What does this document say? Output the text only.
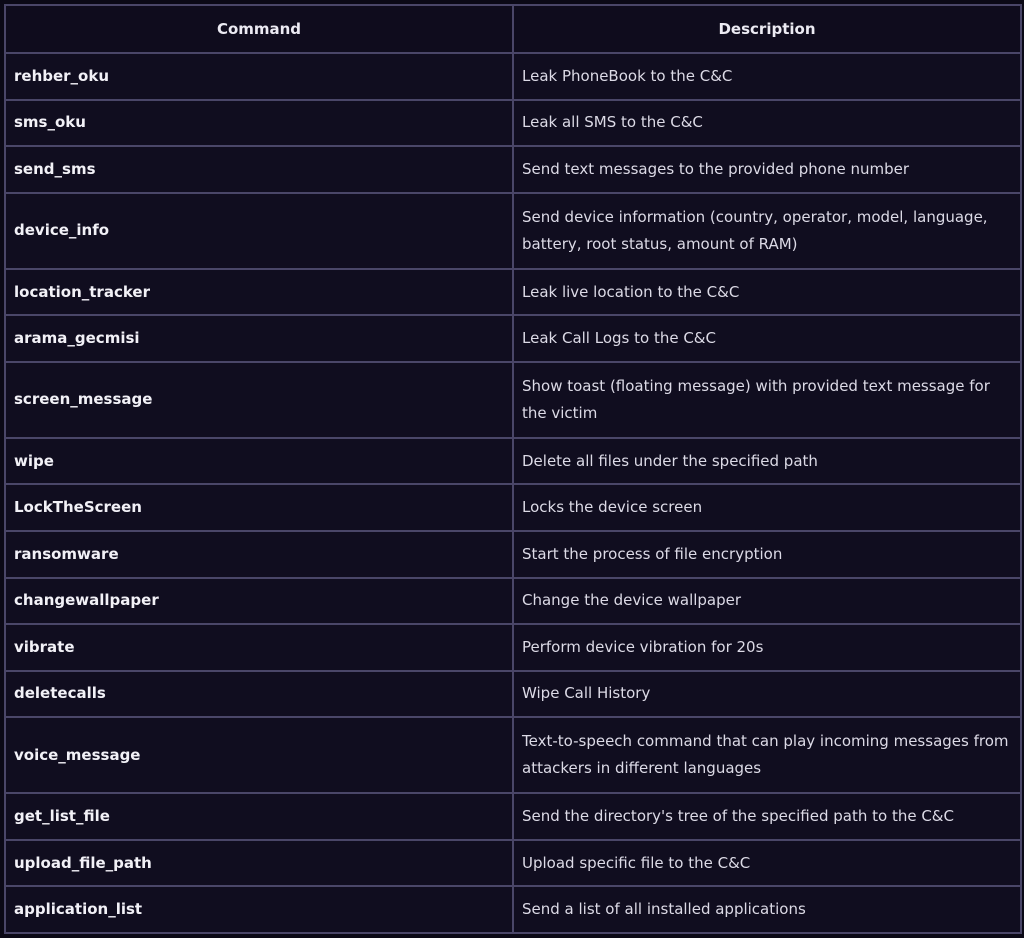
Command	Description
rehber_oku	Leak PhoneBook to the C&C
sms_oku	Leak all SMS to the C&C
send_sms	Send text messages to the provided phone number
device_info	Send device information (country, operator, model, language, battery, root status, amount of RAM)
location_tracker	Leak live location to the C&C
arama_gecmisi	Leak Call Logs to the C&C
screen_message	Show toast (floating message) with provided text message for the victim
wipe	Delete all files under the specified path
LockTheScreen	Locks the device screen
ransomware	Start the process of file encryption
changewallpaper	Change the device wallpaper
vibrate	Perform device vibration for 20s
deletecalls	Wipe Call History
voice_message	Text-to-speech command that can play incoming messages from attackers in different languages
get_list_file	Send the directory's tree of the specified path to the C&C
upload_file_path	Upload specific file to the C&C
application_list	Send a list of all installed applications
